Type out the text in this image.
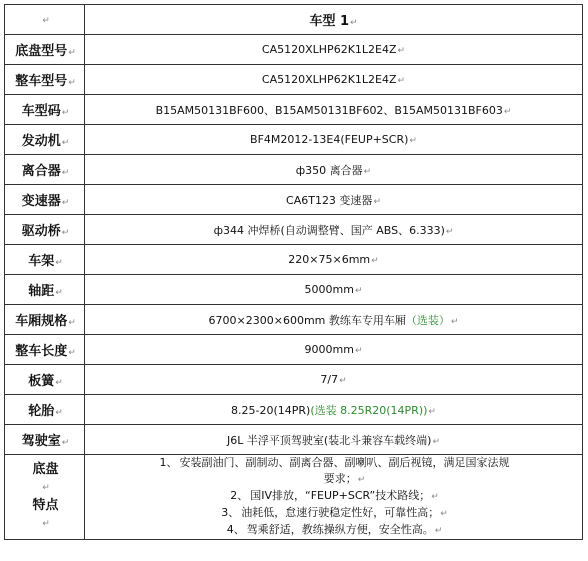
↵	车型 1↵
底盘型号↵	CA5120XLHP62K1L2E4Z↵
整车型号↵	CA5120XLHP62K1L2E4Z↵
车型码↵	B15AM50131BF600、B15AM50131BF602、B15AM50131BF603↵
发动机↵	BF4M2012-13E4(FEUP+SCR)↵
离合器↵	ф350 离合器↵
变速器↵	CA6T123 变速器↵
驱动桥↵	ф344 冲焊桥(自动调整臂、国产 ABS、6.333)↵
车架↵	220×75×6mm↵
轴距↵	5000mm↵
车厢规格↵	6700×2300×600mm 教练车专用车厢（选装）↵
整车长度↵	9000mm↵
板簧↵	7/7↵
轮胎↵	8.25-20(14PR)(选装 8.25R20(14PR))↵
驾驶室↵	J6L 半浮平顶驾驶室(装北斗兼容车载终端)↵

底盘
↵
特点
↵	1、 安装副油门、副制动、副离合器、副喇叭、副后视镜，满足国家法规
要求；↵
2、 国IV排放，“FEUP+SCR”技术路线；↵
3、 油耗低，怠速行驶稳定性好，可靠性高；↵
4、 驾乘舒适，教练操纵方便，安全性高。↵
